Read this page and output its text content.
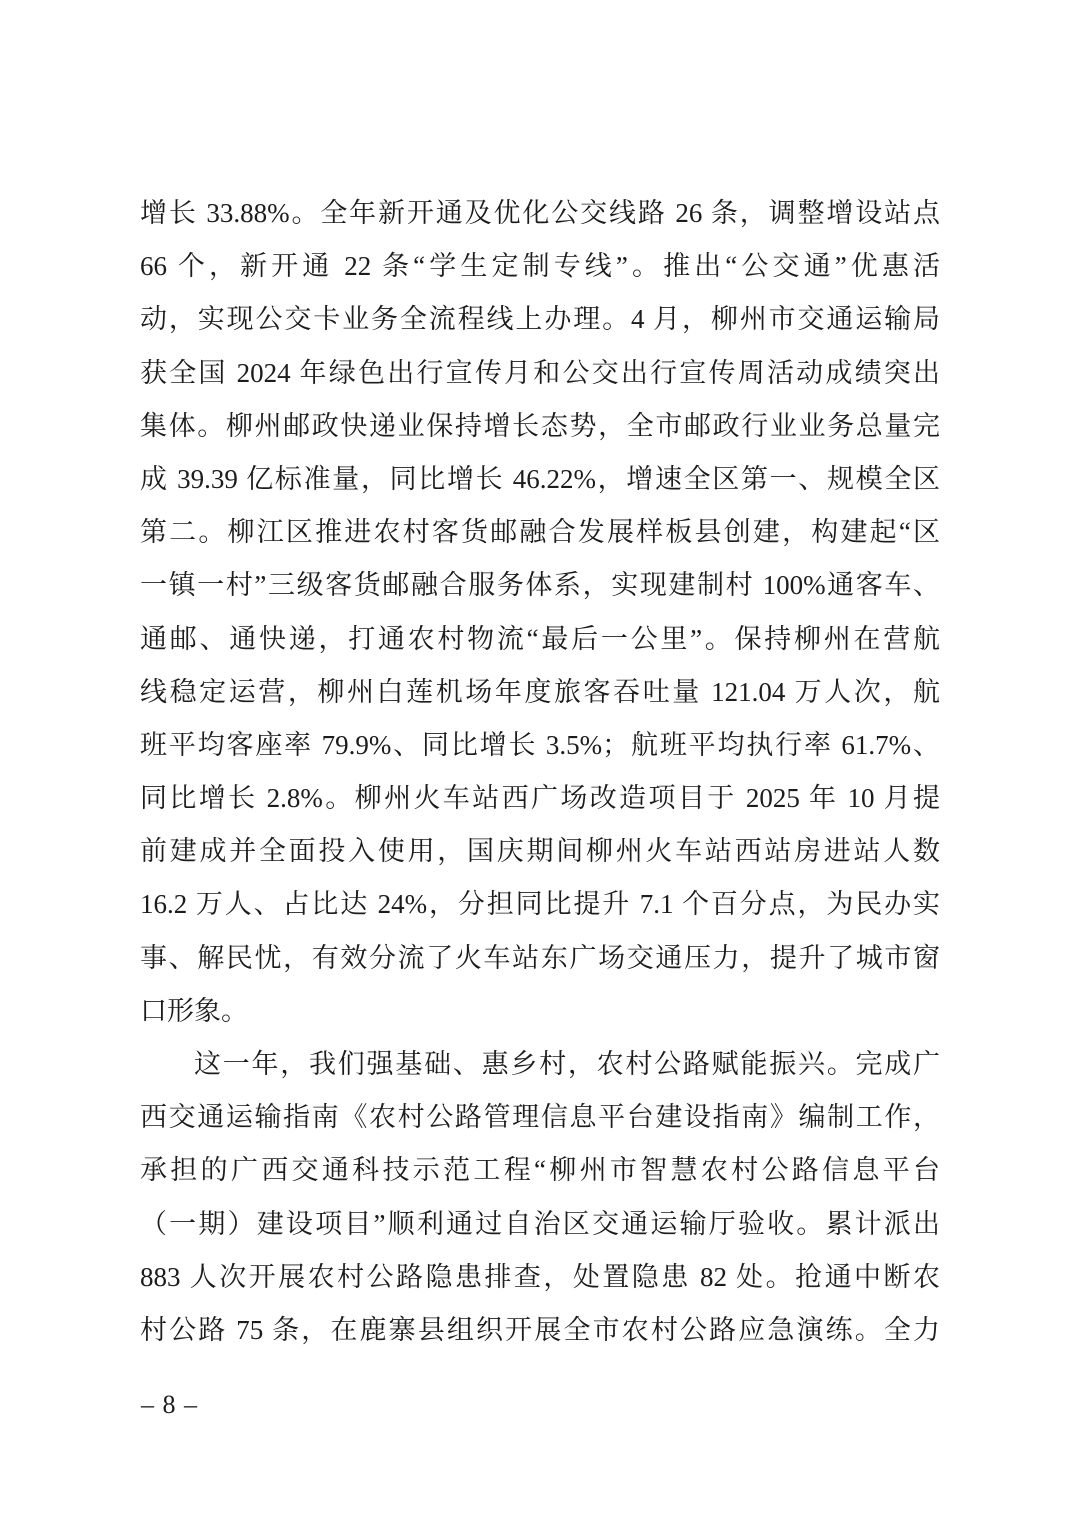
增长 33.88%。全年新开通及优化公交线路 26 条，调整增设站点
66 个，新开通 22 条“学生定制专线”。推出“公交通”优惠活
动，实现公交卡业务全流程线上办理。4 月，柳州市交通运输局
获全国 2024 年绿色出行宣传月和公交出行宣传周活动成绩突出
集体。柳州邮政快递业保持增长态势，全市邮政行业业务总量完
成 39.39 亿标准量，同比增长 46.22%，增速全区第一、规模全区
第二。柳江区推进农村客货邮融合发展样板县创建，构建起“区
一镇一村”三级客货邮融合服务体系，实现建制村 100%通客车、
通邮、通快递，打通农村物流“最后一公里”。保持柳州在营航
线稳定运营，柳州白莲机场年度旅客吞吐量 121.04 万人次，航
班平均客座率 79.9%、同比增长 3.5%；航班平均执行率 61.7%、
同比增长 2.8%。柳州火车站西广场改造项目于 2025 年 10 月提
前建成并全面投入使用，国庆期间柳州火车站西站房进站人数
16.2 万人、占比达 24%，分担同比提升 7.1 个百分点，为民办实
事、解民忧，有效分流了火车站东广场交通压力，提升了城市窗
口形象。
这一年，我们强基础、惠乡村，农村公路赋能振兴。完成广
西交通运输指南《农村公路管理信息平台建设指南》编制工作，
承担的广西交通科技示范工程“柳州市智慧农村公路信息平台
（一期）建设项目”顺利通过自治区交通运输厅验收。累计派出
883 人次开展农村公路隐患排查，处置隐患 82 处。抢通中断农
村公路 75 条，在鹿寨县组织开展全市农村公路应急演练。全力
– 8 –
